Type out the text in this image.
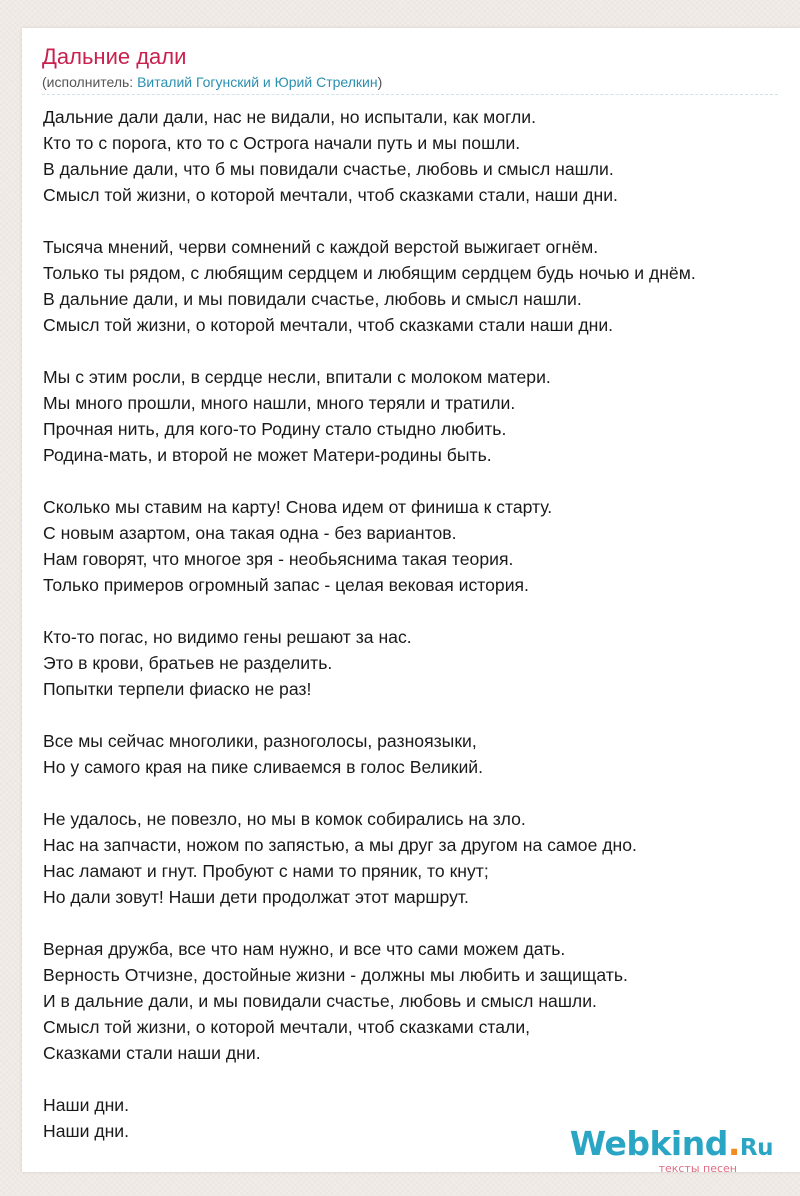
Дальние дали
(исполнитель: Виталий Гогунский и Юрий Стрелкин)
Дальние дали дали, нас не видали, но испытали, как могли.
Кто то с порога, кто то с Острога начали путь и мы пошли.
В дальние дали, что б мы повидали счастье, любовь и смысл нашли.
Смысл той жизни, о которой мечтали, чтоб сказками стали, наши дни.
Тысяча мнений, черви сомнений с каждой верстой выжигает огнём.
Только ты рядом, с любящим сердцем и любящим сердцем будь ночью и днём.
В дальние дали, и мы повидали счастье, любовь и смысл нашли.
Смысл той жизни, о которой мечтали, чтоб сказками стали наши дни.
Мы с этим росли, в сердце несли, впитали с молоком матери.
Мы много прошли, много нашли, много теряли и тратили.
Прочная нить, для кого-то Родину стало стыдно любить.
Родина-мать, и второй не может Матери-родины быть.
Сколько мы ставим на карту! Снова идем от финиша к старту.
С новым азартом, она такая одна - без вариантов.
Нам говорят, что многое зря - необьяснима такая теория.
Только примеров огромный запас - целая вековая история.
Кто-то погас, но видимо гены решают за нас.
Это в крови, братьев не разделить.
Попытки терпели фиаско не раз!
Все мы сейчас многолики, разноголосы, разноязыки,
Но у самого края на пике сливаемся в голос Великий.
Не удалось, не повезло, но мы в комок собирались на зло.
Нас на запчасти, ножом по запястью, а мы друг за другом на самое дно.
Нас ламают и гнут. Пробуют с нами то пряник, то кнут;
Но дали зовут! Наши дети продолжат этот маршрут.
Верная дружба, все что нам нужно, и все что сами можем дать.
Верность Отчизне, достойные жизни - должны мы любить и защищать.
И в дальние дали, и мы повидали счастье, любовь и смысл нашли.
Смысл той жизни, о которой мечтали, чтоб сказками стали,
Сказками стали наши дни.
Наши дни.
Наши дни.	Webkind.Ru
тексты песен
